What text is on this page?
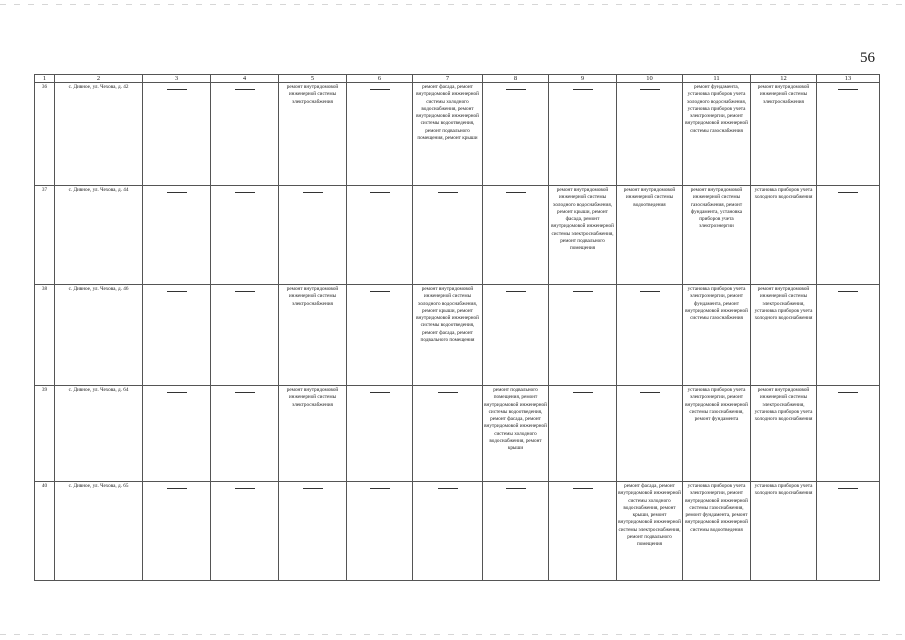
56
1	2	3	4	5	6	7	8	9	10	11	12	13
36	с. Дивное, ул. Чехова, д. 42			ремонт внутридомовой инженерной системы электроснабжения		ремонт фасада, ремонт внутридомовой инженерной системы холодного водоснабжения, ремонт внутридомовой инженерной системы водоотведения, ремонт подвального помещения, ремонт крыши				ремонт фундамента, установка приборов учета холодного водоснабжения, установка приборов учета электроэнергии, ремонт внутридомовой инженерной системы газоснабжения	ремонт внутридомовой инженерной системы электроснабжения	

37	с. Дивное, ул. Чехова, д. 44							ремонт внутридомовой инженерной системы холодного водоснабжения, ремонт крыши, ремонт фасада, ремонт внутридомовой инженерной системы электроснабжения, ремонт подвального помещения	ремонт внутридомовой инженерной системы водоотведения	ремонт внутридомовой инженерной системы газоснабжения, ремонт фундамента, установка приборов учета электроэнергии	установка приборов учета холодного водоснабжения	

38	с. Дивное, ул. Чехова, д. 46			ремонт внутридомовой инженерной системы электроснабжения		ремонт внутридомовой инженерной системы холодного водоснабжения, ремонт крыши, ремонт внутридомовой инженерной системы водоотведения, ремонт фасада, ремонт подвального помещения				установка приборов учета электроэнергии, ремонт фундамента, ремонт внутридомовой инженерной системы газоснабжения	ремонт внутридомовой инженерной системы электроснабжения, установка приборов учета холодного водоснабжения	

39	с. Дивное, ул. Чехова, д. 64			ремонт внутридомовой инженерной системы электроснабжения			ремонт подвального помещения, ремонт внутридомовой инженерной системы водоотведения, ремонт фасада, ремонт внутридомовой инженерной системы холодного водоснабжения, ремонт крыши			установка приборов учета электроэнергии, ремонт внутридомовой инженерной системы газоснабжения, ремонт фундамента	ремонт внутридомовой инженерной системы электроснабжения, установка приборов учета холодного водоснабжения	

40	с. Дивное, ул. Чехова, д. 65								ремонт фасада, ремонт внутридомовой инженерной системы холодного водоснабжения, ремонт крыши, ремонт внутридомовой инженерной системы электроснабжения, ремонт подвального помещения	установка приборов учета электроэнергии, ремонт внутридомовой инженерной системы газоснабжения, ремонт фундамента, ремонт внутридомовой инженерной системы водоотведения	установка приборов учета холодного водоснабжения	
